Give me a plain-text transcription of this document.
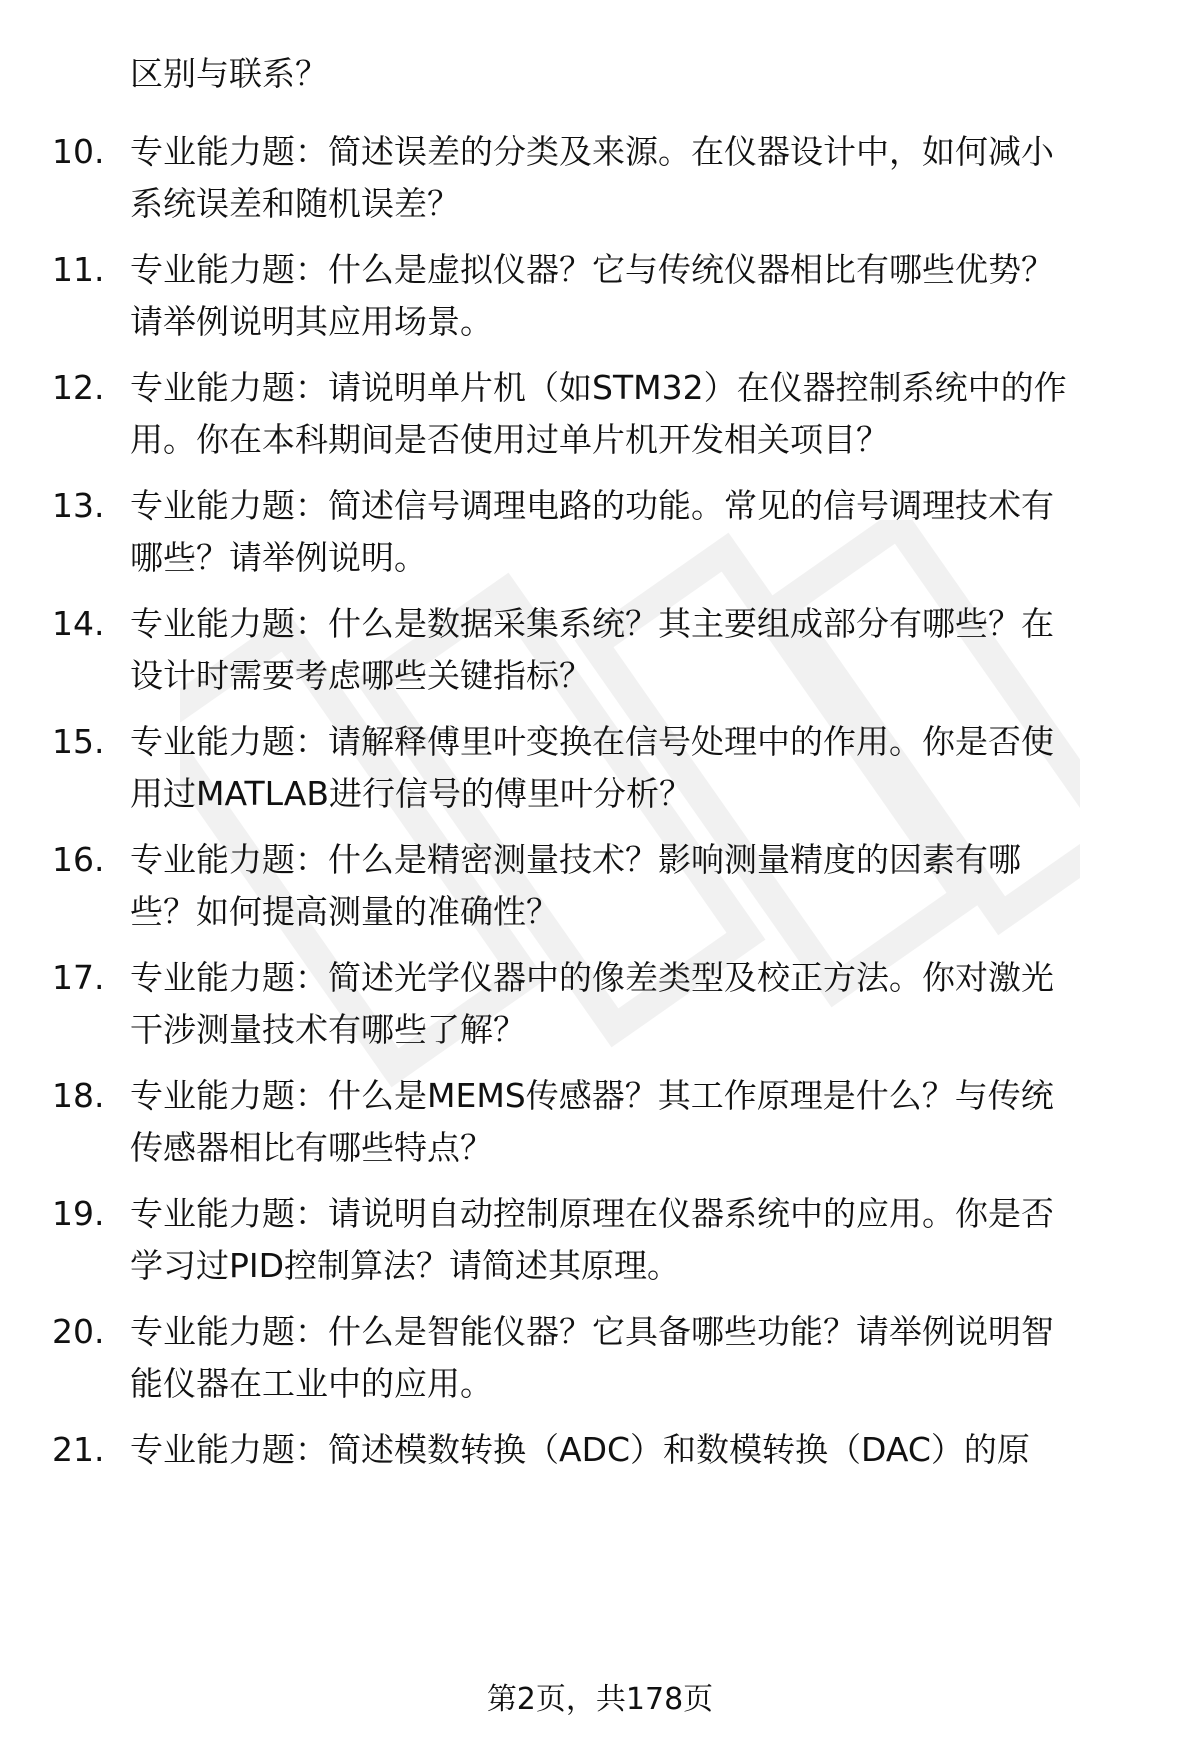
区别与联系？
10. 专业能力题：简述误差的分类及来源。在仪器设计中，如何减小
系统误差和随机误差？
11. 专业能力题：什么是虚拟仪器？它与传统仪器相比有哪些优势？
请举例说明其应用场景。
12. 专业能力题：请说明单片机（如STM32）在仪器控制系统中的作
用。你在本科期间是否使用过单片机开发相关项目？
13. 专业能力题：简述信号调理电路的功能。常见的信号调理技术有
哪些？请举例说明。
14. 专业能力题：什么是数据采集系统？其主要组成部分有哪些？在
设计时需要考虑哪些关键指标？
15. 专业能力题：请解释傅里叶变换在信号处理中的作用。你是否使
用过MATLAB进行信号的傅里叶分析？
16. 专业能力题：什么是精密测量技术？影响测量精度的因素有哪
些？如何提高测量的准确性？
17. 专业能力题：简述光学仪器中的像差类型及校正方法。你对激光
干涉测量技术有哪些了解？
18. 专业能力题：什么是MEMS传感器？其工作原理是什么？与传统
传感器相比有哪些特点？
19. 专业能力题：请说明自动控制原理在仪器系统中的应用。你是否
学习过PID控制算法？请简述其原理。
20. 专业能力题：什么是智能仪器？它具备哪些功能？请举例说明智
能仪器在工业中的应用。
21. 专业能力题：简述模数转换（ADC）和数模转换（DAC）的原
第2页，共178页
